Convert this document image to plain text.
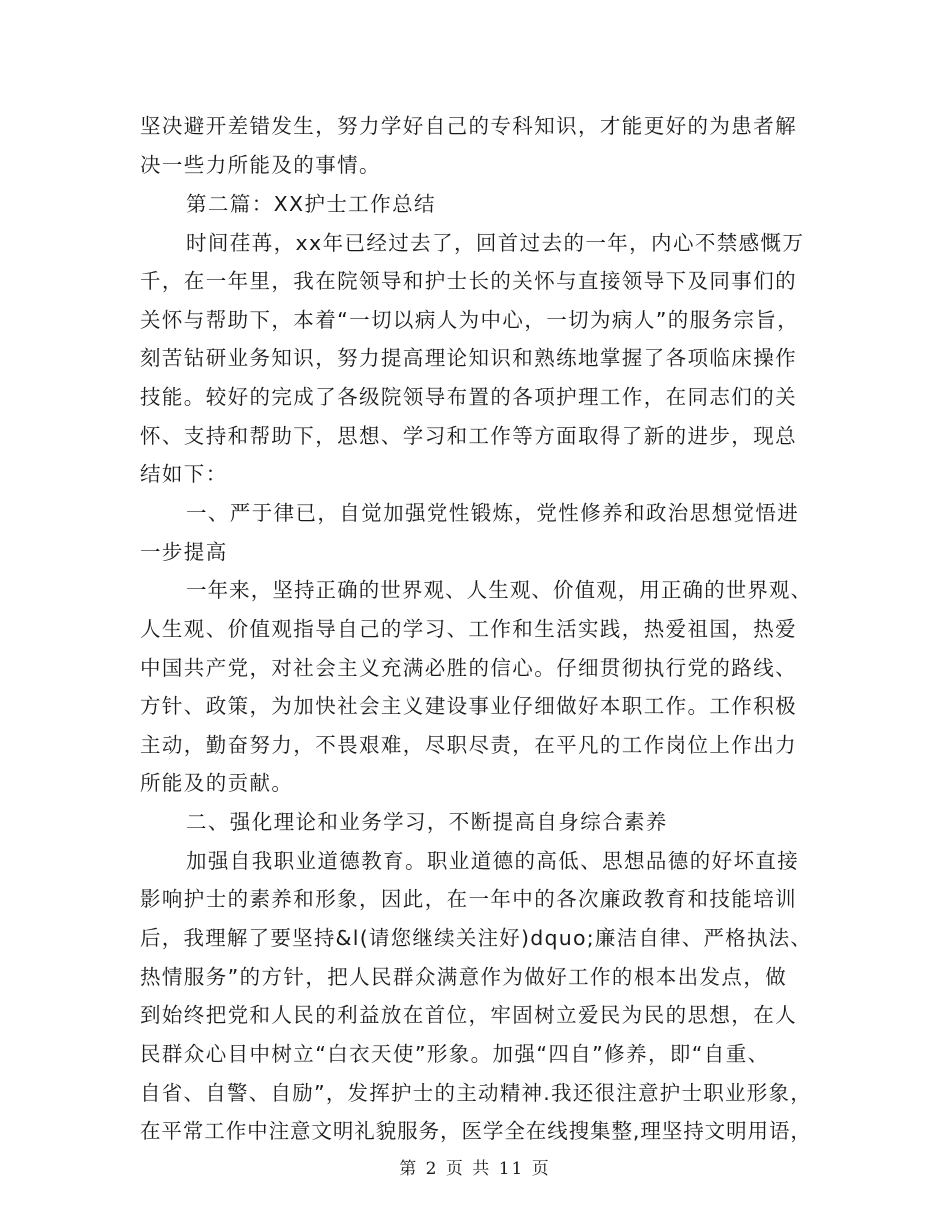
坚决避开差错发生，努力学好自己的专科知识，才能更好的为患者解
决一些力所能及的事情。
第二篇：XX护士工作总结
时间荏苒，xx年已经过去了，回首过去的一年，内心不禁感慨万
千，在一年里，我在院领导和护士长的关怀与直接领导下及同事们的
关怀与帮助下，本着“一切以病人为中心，一切为病人”的服务宗旨，
刻苦钻研业务知识，努力提高理论知识和熟练地掌握了各项临床操作
技能。较好的完成了各级院领导布置的各项护理工作，在同志们的关
怀、支持和帮助下，思想、学习和工作等方面取得了新的进步，现总
结如下：
一、严于律已，自觉加强党性锻炼，党性修养和政治思想觉悟进
一步提高
一年来，坚持正确的世界观、人生观、价值观，用正确的世界观、
人生观、价值观指导自己的学习、工作和生活实践，热爱祖国，热爱
中国共产党，对社会主义充满必胜的信心。仔细贯彻执行党的路线、
方针、政策，为加快社会主义建设事业仔细做好本职工作。工作积极
主动，勤奋努力，不畏艰难，尽职尽责，在平凡的工作岗位上作出力
所能及的贡献。
二、强化理论和业务学习，不断提高自身综合素养
加强自我职业道德教育。职业道德的高低、思想品德的好坏直接
影响护士的素养和形象，因此，在一年中的各次廉政教育和技能培训
后，我理解了要坚持&l(请您继续关注好)dquo;廉洁自律、严格执法、
热情服务”的方针，把人民群众满意作为做好工作的根本出发点，做
到始终把党和人民的利益放在首位，牢固树立爱民为民的思想，在人
民群众心目中树立“白衣天使”形象。加强“四自”修养，即“自重、
自省、自警、自励”，发挥护士的主动精神.我还很注意护士职业形象，
在平常工作中注意文明礼貌服务，医学全在线搜集整,理坚持文明用语，
第 2 页 共 11 页
